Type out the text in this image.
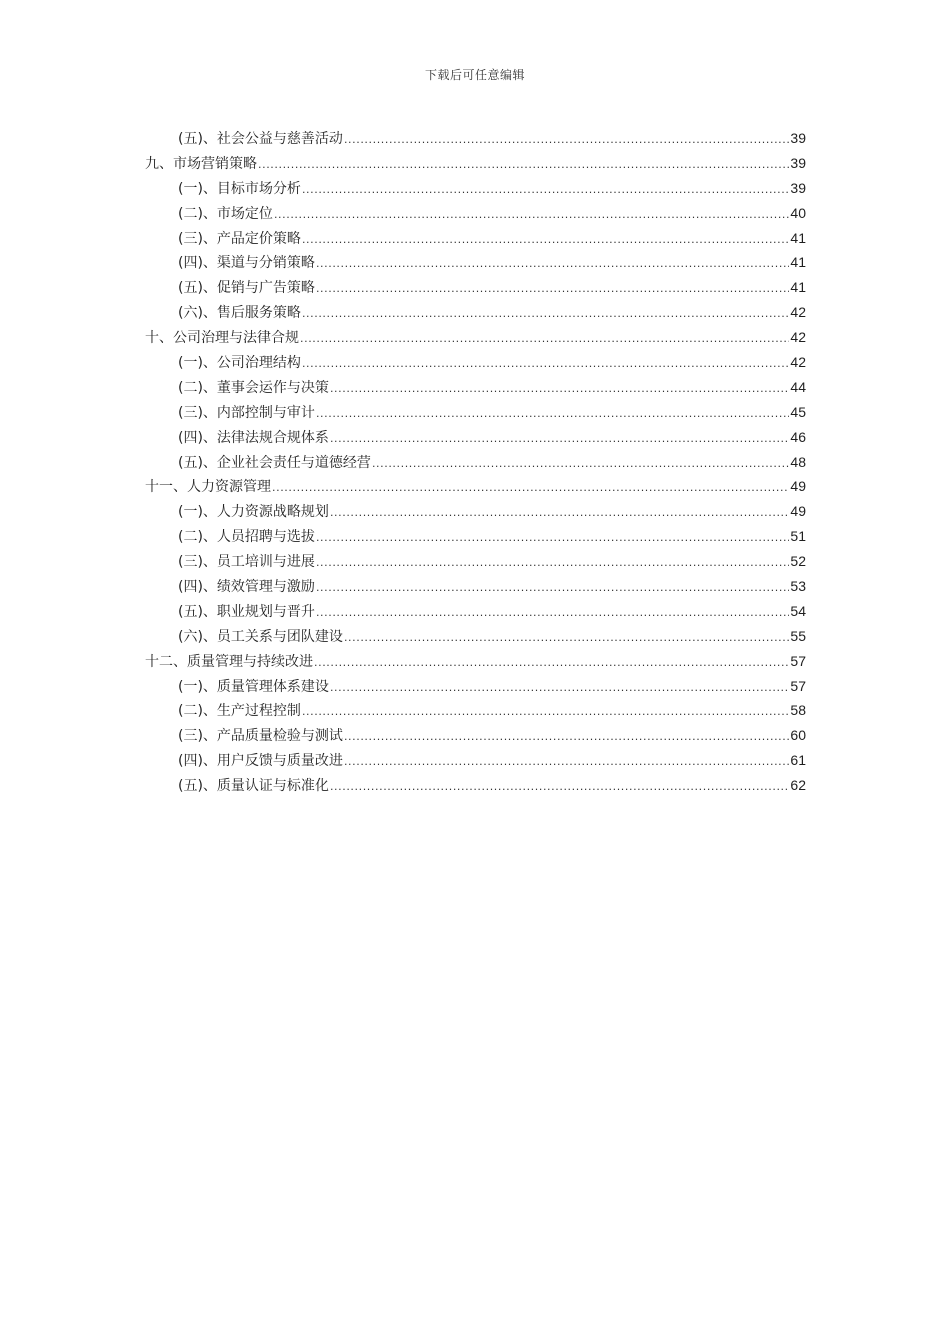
下载后可任意编辑
(五)、社会公益与慈善活动 .....	39
九、市场营销策略 .....	39
(一)、目标市场分析 .....	39
(二)、市场定位 .....	40
(三)、产品定价策略 .....	41
(四)、渠道与分销策略 .....	41
(五)、促销与广告策略 .....	41
(六)、售后服务策略 .....	42
十、公司治理与法律合规 .....	42
(一)、公司治理结构 .....	42
(二)、董事会运作与决策 .....	44
(三)、内部控制与审计 .....	45
(四)、法律法规合规体系 .....	46
(五)、企业社会责任与道德经营 .....	48
十一、人力资源管理 .....	49
(一)、人力资源战略规划 .....	49
(二)、人员招聘与选拔 .....	51
(三)、员工培训与进展 .....	52
(四)、绩效管理与激励 .....	53
(五)、职业规划与晋升 .....	54
(六)、员工关系与团队建设 .....	55
十二、质量管理与持续改进 .....	57
(一)、质量管理体系建设 .....	57
(二)、生产过程控制 .....	58
(三)、产品质量检验与测试 .....	60
(四)、用户反馈与质量改进 .....	61
(五)、质量认证与标准化 .....	62
